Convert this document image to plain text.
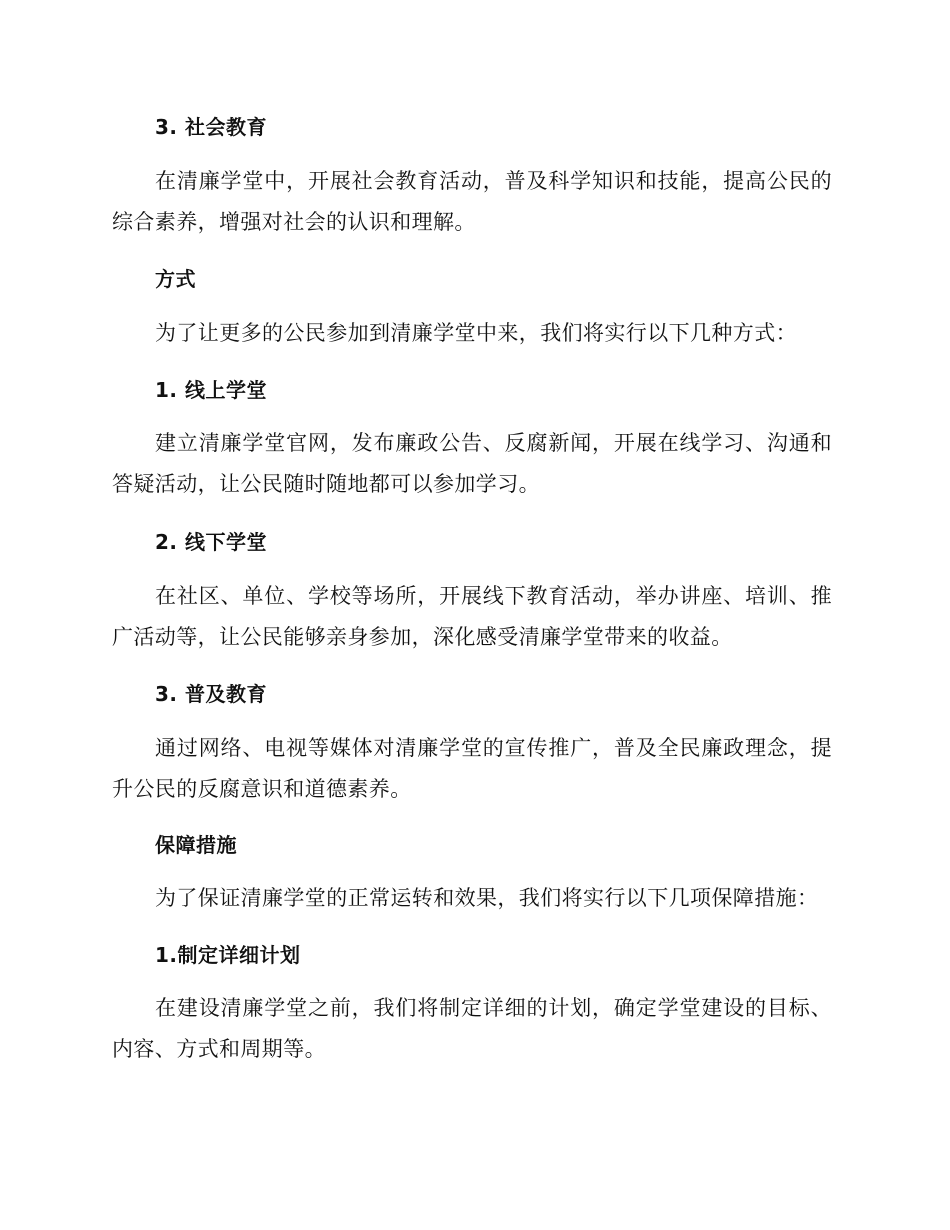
3. 社会教育

在清廉学堂中，开展社会教育活动，普及科学知识和技能，提高公民的综合素养，增强对社会的认识和理解。

方式

为了让更多的公民参加到清廉学堂中来，我们将实行以下几种方式：

1. 线上学堂

建立清廉学堂官网，发布廉政公告、反腐新闻，开展在线学习、沟通和答疑活动，让公民随时随地都可以参加学习。

2. 线下学堂

在社区、单位、学校等场所，开展线下教育活动，举办讲座、培训、推广活动等，让公民能够亲身参加，深化感受清廉学堂带来的收益。

3. 普及教育

通过网络、电视等媒体对清廉学堂的宣传推广，普及全民廉政理念，提升公民的反腐意识和道德素养。

保障措施

为了保证清廉学堂的正常运转和效果，我们将实行以下几项保障措施：

1.制定详细计划

在建设清廉学堂之前，我们将制定详细的计划，确定学堂建设的目标、内容、方式和周期等。
